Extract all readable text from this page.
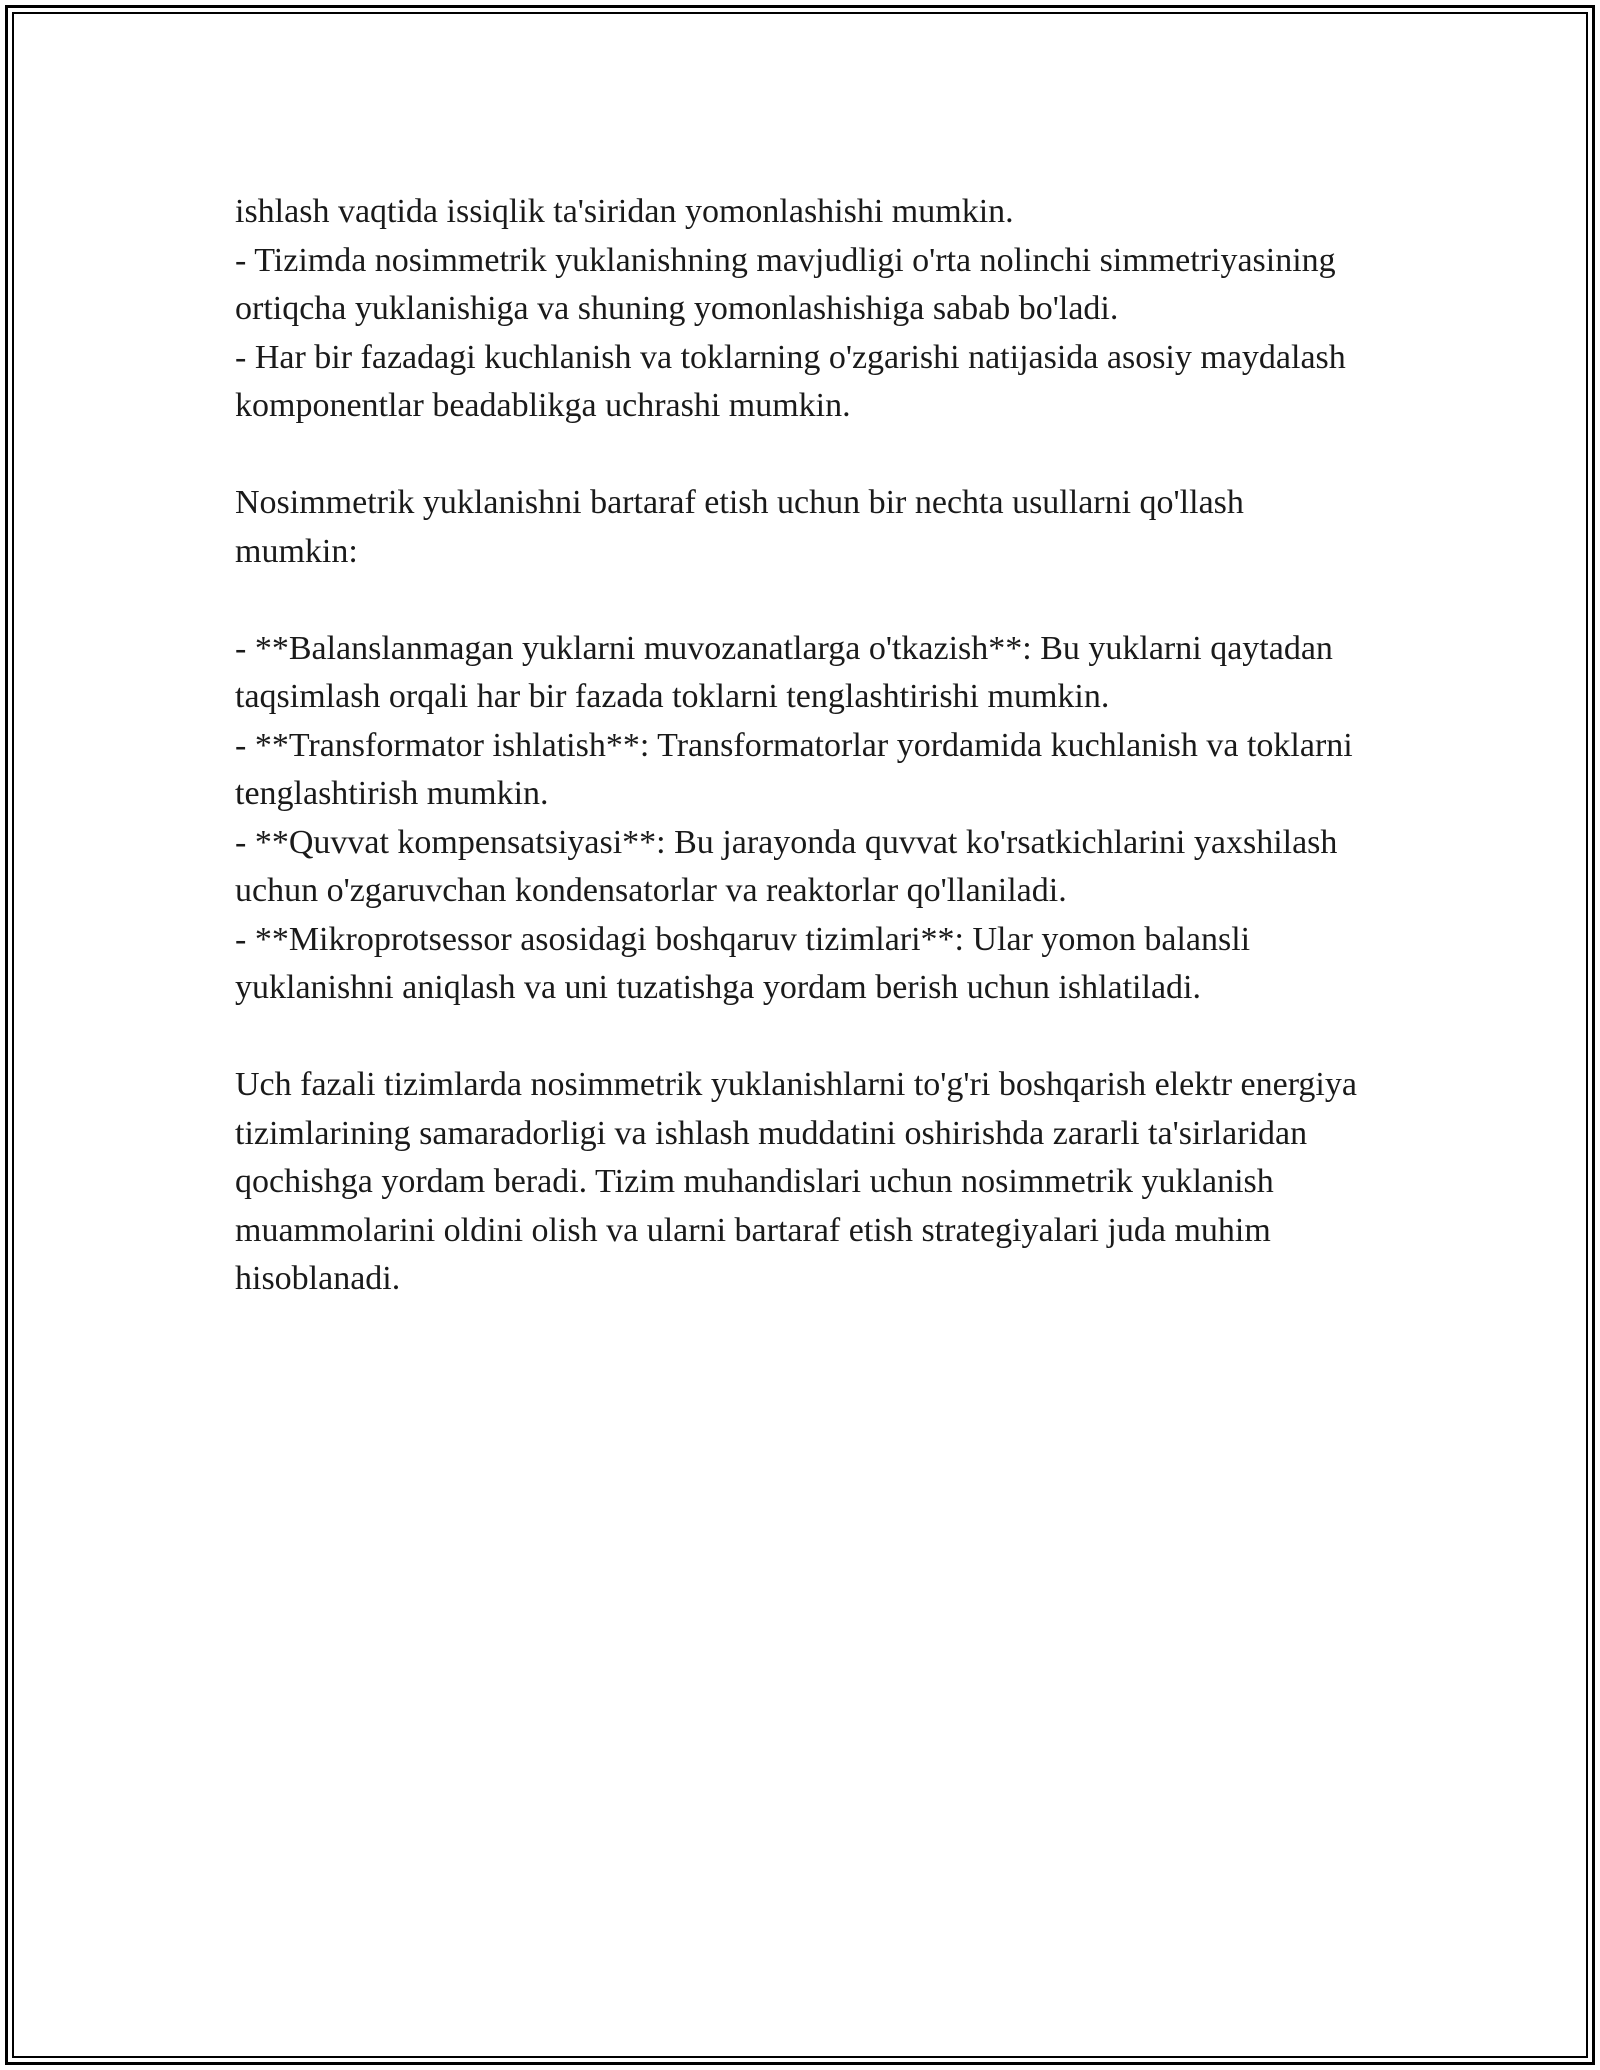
ishlash vaqtida issiqlik ta'siridan yomonlashishi mumkin.

- Tizimda nosimmetrik yuklanishning mavjudligi o'rta nolinchi simmetriyasining ortiqcha yuklanishiga va shuning yomonlashishiga sabab bo'ladi.

- Har bir fazadagi kuchlanish va toklarning o'zgarishi natijasida asosiy maydalash komponentlar beadablikga uchrashi mumkin.

Nosimmetrik yuklanishni bartaraf etish uchun bir nechta usullarni qo'llash mumkin:

- **Balanslanmagan yuklarni muvozanatlarga o'tkazish**: Bu yuklarni qaytadan taqsimlash orqali har bir fazada toklarni tenglashtirishi mumkin.

- **Transformator ishlatish**: Transformatorlar yordamida kuchlanish va toklarni tenglashtirish mumkin.

- **Quvvat kompensatsiyasi**: Bu jarayonda quvvat ko'rsatkichlarini yaxshilash uchun o'zgaruvchan kondensatorlar va reaktorlar qo'llaniladi.

- **Mikroprotsessor asosidagi boshqaruv tizimlari**: Ular yomon balansli yuklanishni aniqlash va uni tuzatishga yordam berish uchun ishlatiladi.

Uch fazali tizimlarda nosimmetrik yuklanishlarni to'g'ri boshqarish elektr energiya tizimlarining samaradorligi va ishlash muddatini oshirishda zararli ta'sirlaridan qochishga yordam beradi. Tizim muhandislari uchun nosimmetrik yuklanish muammolarini oldini olish va ularni bartaraf etish strategiyalari juda muhim hisoblanadi.
